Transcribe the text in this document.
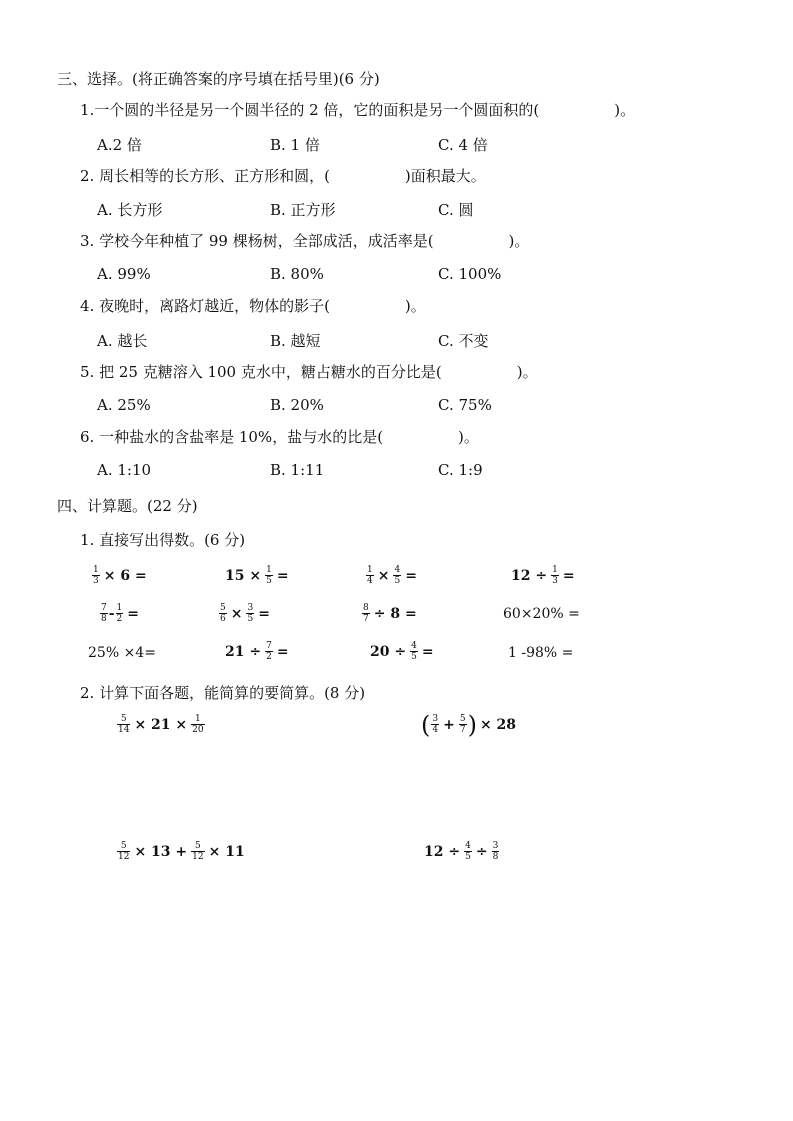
三、选择。(将正确答案的序号填在括号里)(6 分)
1.一个圆的半径是另一个圆半径的 2 倍，它的面积是另一个圆面积的(　　　　　)。
A.2 倍	B. 1 倍	C. 4 倍
2. 周长相等的长方形、正方形和圆，(　　　　　)面积最大。
A. 长方形	B. 正方形	C. 圆
3. 学校今年种植了 99 棵杨树，全部成活，成活率是(　　　　　)。
A. 99%	B. 80%	C. 100%
4. 夜晚时，离路灯越近，物体的影子(　　　　　)。
A. 越长	B. 越短	C. 不变
5. 把 25 克糖溶入 100 克水中，糖占糖水的百分比是(　　　　　)。
A. 25%	B. 20%	C. 75%
6. 一种盐水的含盐率是 10%，盐与水的比是(　　　　　)。
A. 1:10	B. 1:11	C. 1:9
四、计算题。(22 分)
1. 直接写出得数。(6 分)
$\frac{1}{3} \times 6$ =	$15 \times \frac{1}{5}$ =	$\frac{1}{4} \times \frac{4}{5}$ =	$12 \div \frac{1}{3}$ =
$\frac{7}{8} - \frac{1}{2}$ =	$\frac{5}{6} \times \frac{3}{5}$ =	$\frac{8}{7} \div 8$ =	60×20% =
25% ×4=	$21 \div \frac{7}{2}$ =	$20 \div \frac{4}{5}$ =	1 -98% =
2. 计算下面各题，能简算的要简算。(8 分)
$\frac{5}{14} \times 21 \times \frac{1}{20}$	( $\frac{3}{4} + \frac{5}{7}$ ) × 28
$\frac{5}{12} \times 13 + \frac{5}{12} \times 11$	$12 \div \frac{4}{5} \div \frac{3}{8}$
